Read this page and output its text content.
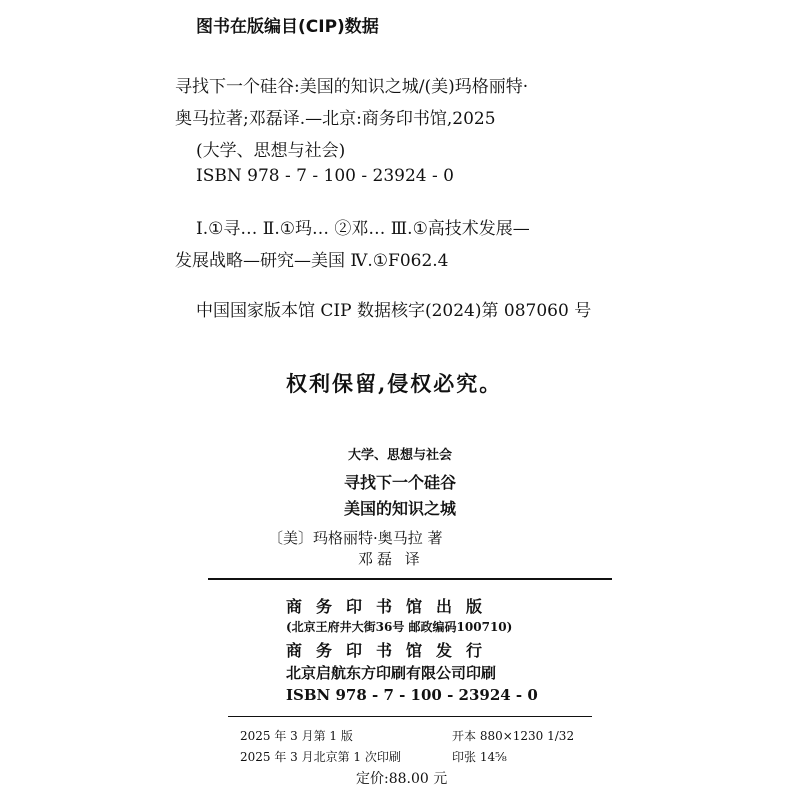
图书在版编目(CIP)数据
寻找下一个硅谷:美国的知识之城/(美)玛格丽特·
奥马拉著;邓磊译.—北京:商务印书馆,2025
(大学、思想与社会)
ISBN 978 - 7 - 100 - 23924 - 0
Ⅰ.①寻… Ⅱ.①玛… ②邓… Ⅲ.①高技术发展—
发展战略—研究—美国 Ⅳ.①F062.4
中国国家版本馆 CIP 数据核字(2024)第 087060 号
权利保留,侵权必究。
大学、思想与社会
寻找下一个硅谷
美国的知识之城
〔美〕玛格丽特·奥马拉 著
邓磊 译
商务印书馆出版
(北京王府井大街36号 邮政编码100710)
商务印书馆发行
北京启航东方印刷有限公司印刷
ISBN 978 - 7 - 100 - 23924 - 0
2025 年 3 月第 1 版
2025 年 3 月北京第 1 次印刷
开本 880×1230 1/32
印张 14⅝
定价:88.00 元
